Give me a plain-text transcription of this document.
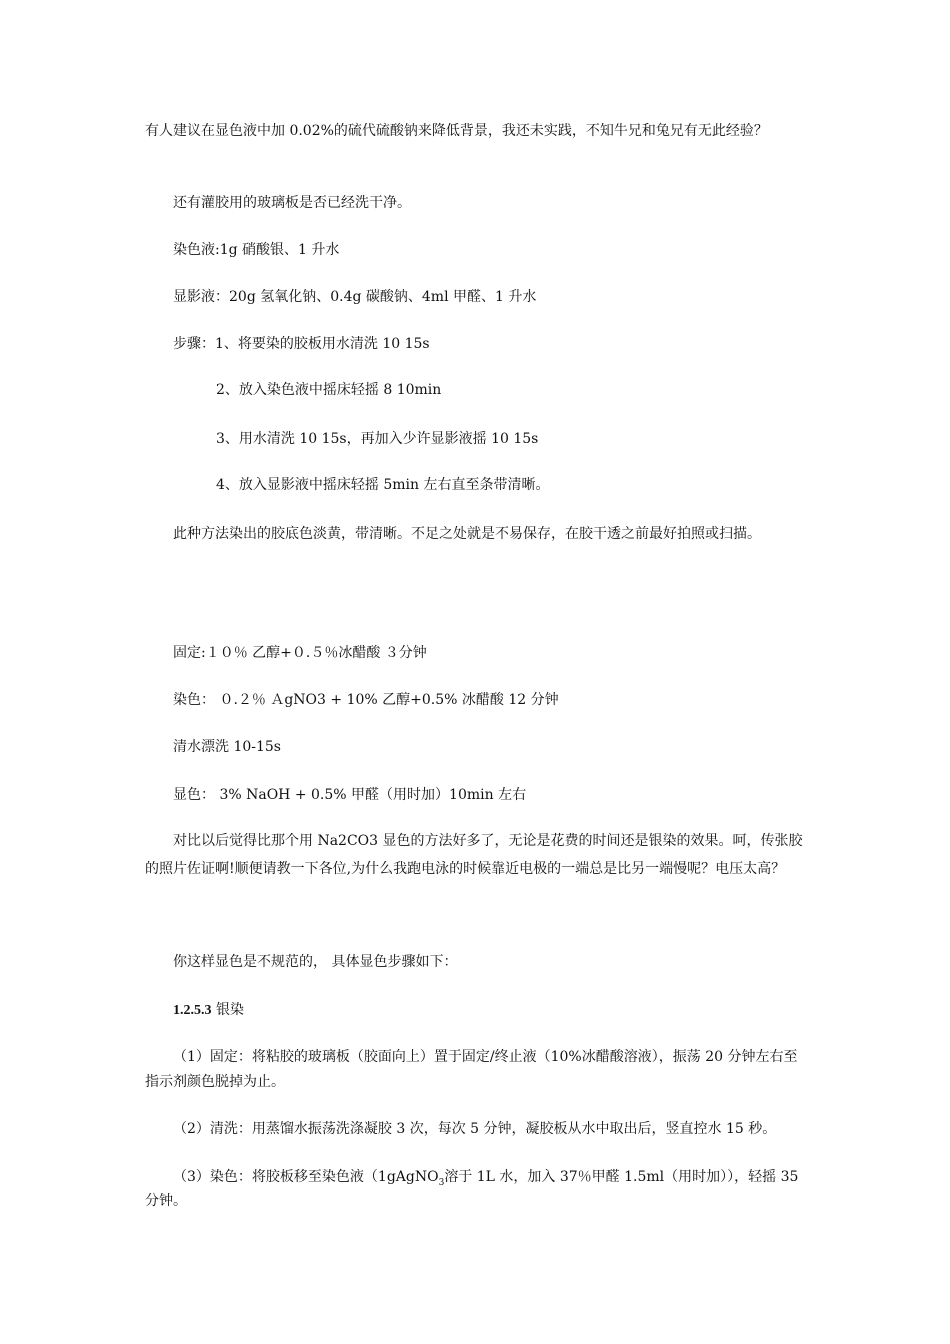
有人建议在显色液中加 0.02%的硫代硫酸钠来降低背景，我还未实践，不知牛兄和兔兄有无此经验？
还有灌胶用的玻璃板是否已经洗干净。
染色液:1g 硝酸银、1 升水
显影液：20g 氢氧化钠、0.4g 碳酸钠、4ml 甲醛、1 升水
步骤：1、将要染的胶板用水清洗 10 15s
2、放入染色液中摇床轻摇 8 10min
3、用水清洗 10 15s，再加入少许显影液摇 10 15s
4、放入显影液中摇床轻摇 5min 左右直至条带清晰。
此种方法染出的胶底色淡黄，带清晰。不足之处就是不易保存，在胶干透之前最好拍照或扫描。
固定:１０％ 乙醇+０.５％冰醋酸 ３分钟
染色： ０.２％ ＡgNO3 + 10% 乙醇+0.5% 冰醋酸 12 分钟
清水漂洗 10-15s
显色： 3% NaOH + 0.5% 甲醛（用时加）10min 左右
对比以后觉得比那个用 Na2CO3 显色的方法好多了，无论是花费的时间还是银染的效果。呵，传张胶
的照片佐证啊!顺便请教一下各位,为什么我跑电泳的时候靠近电极的一端总是比另一端慢呢？电压太高？
你这样显色是不规范的， 具体显色步骤如下：
1.2.5.3 银染
（1）固定：将粘胶的玻璃板（胶面向上）置于固定/终止液（10%冰醋酸溶液），振荡 20 分钟左右至
指示剂颜色脱掉为止。
（2）清洗：用蒸馏水振荡洗涤凝胶 3 次，每次 5 分钟，凝胶板从水中取出后，竖直控水 15 秒。
（3）染色：将胶板移至染色液（1gAgNO$_3$溶于 1L 水，加入 37％甲醛 1.5ml（用时加）），轻摇 35
分钟。
